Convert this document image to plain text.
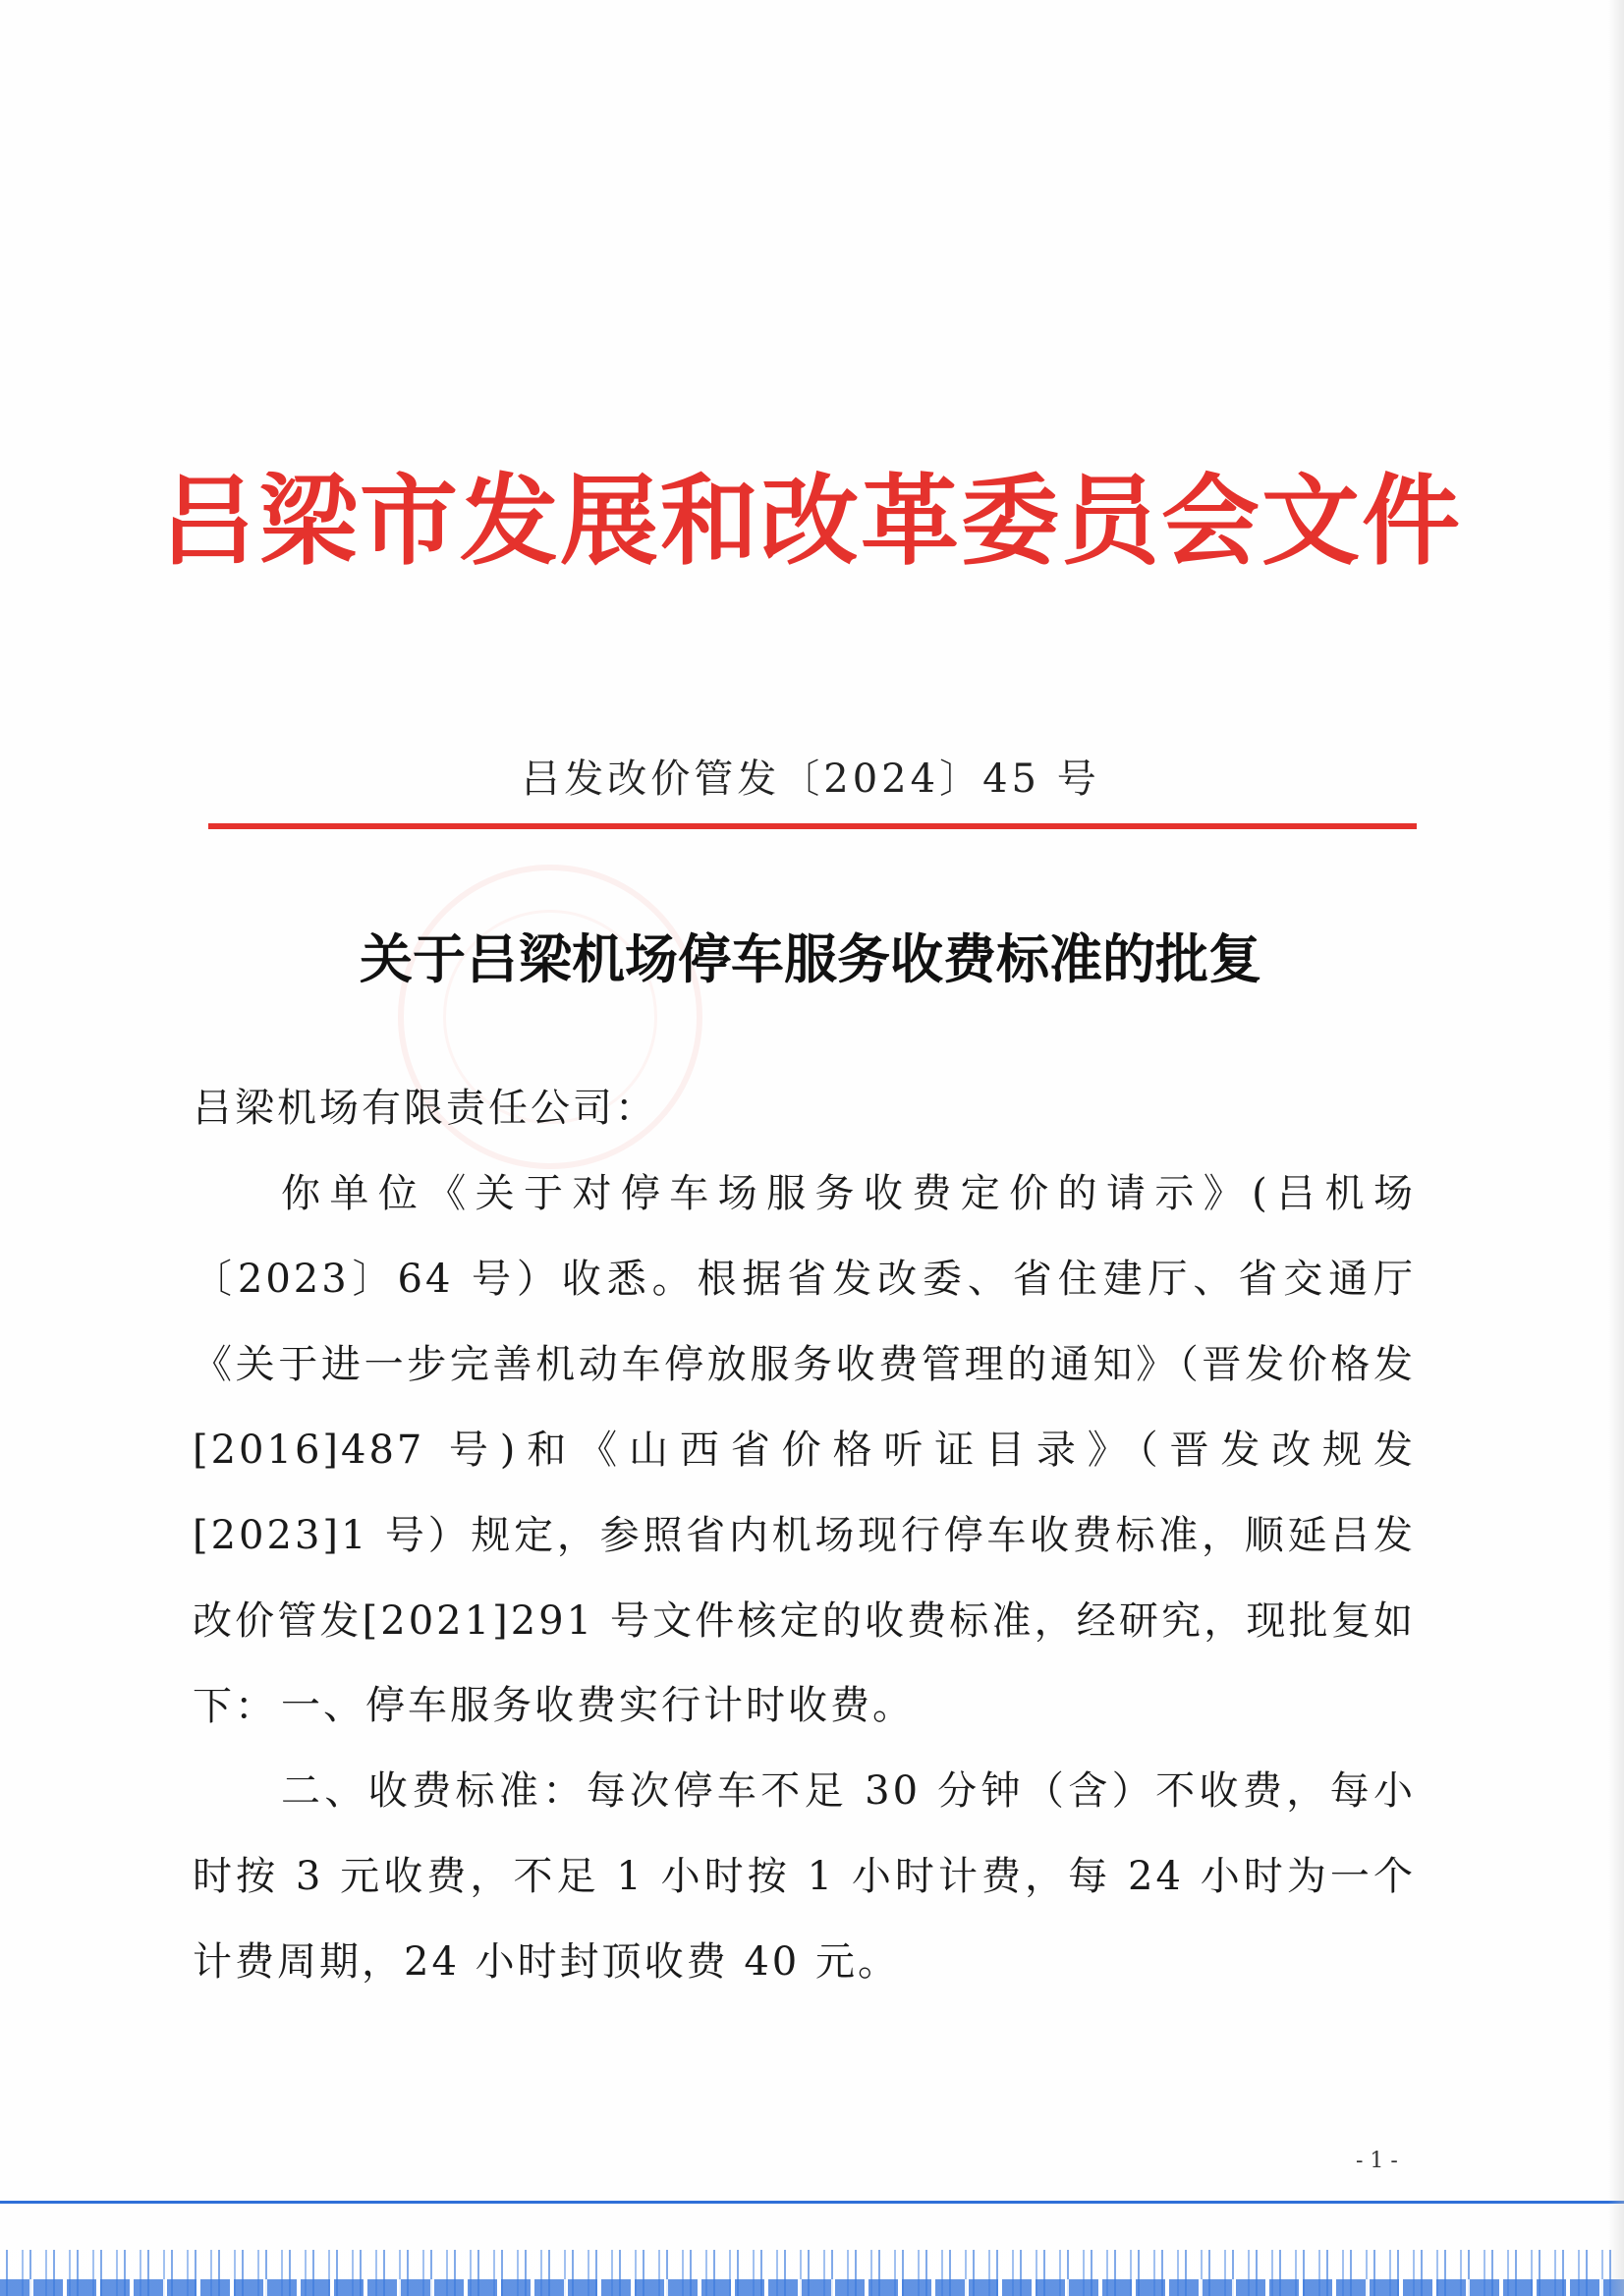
吕梁市发展和改革委员会文件
吕发改价管发〔2024〕45 号
关于吕梁机场停车服务收费标准的批复
吕梁机场有限责任公司：
你单位《关于对停车场服务收费定价的请示》(吕机场〔2023〕64 号）收悉。根据省发改委、省住建厅、省交通厅《关于进一步完善机动车停放服务收费管理的通知》（晋发价格发[2016]487 号)和《山西省价格听证目录》（晋发改规发[2023]1 号）规定，参照省内机场现行停车收费标准，顺延吕发改价管发[2021]291 号文件核定的收费标准，经研究，现批复如下： 一、停车服务收费实行计时收费。
二、收费标准：每次停车不足 30 分钟（含）不收费，每小时按 3 元收费，不足 1 小时按 1 小时计费，每 24 小时为一个计费周期，24 小时封顶收费 40 元。
- 1 -
